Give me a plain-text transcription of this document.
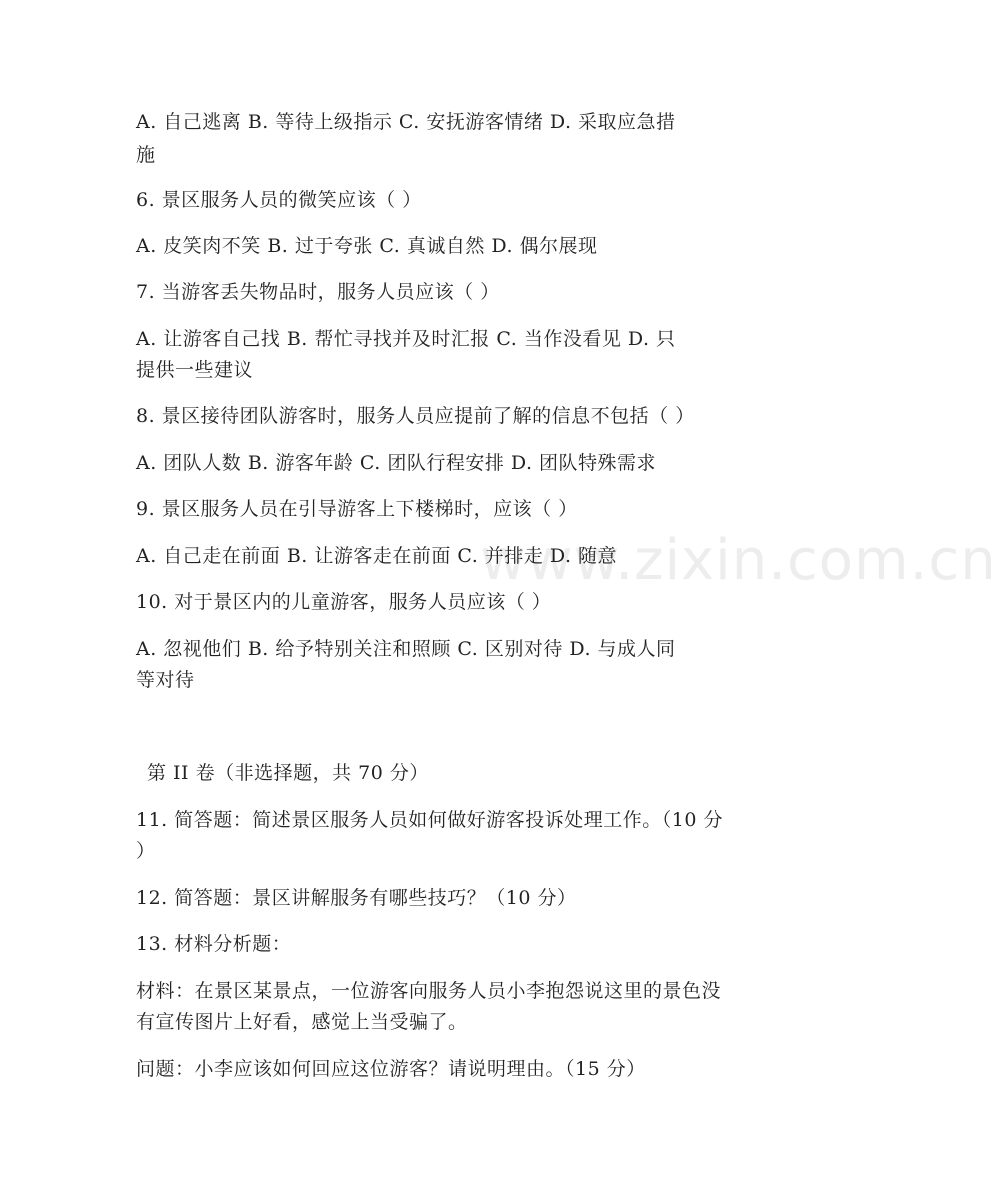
www.zixin.com.cn
A. 自己逃离 B. 等待上级指示 C. 安抚游客情绪 D. 采取应急措
施
6. 景区服务人员的微笑应该（ ）
A. 皮笑肉不笑 B. 过于夸张 C. 真诚自然 D. 偶尔展现
7. 当游客丢失物品时，服务人员应该（ ）
A. 让游客自己找 B. 帮忙寻找并及时汇报 C. 当作没看见 D. 只
提供一些建议
8. 景区接待团队游客时，服务人员应提前了解的信息不包括（ ）
A. 团队人数 B. 游客年龄 C. 团队行程安排 D. 团队特殊需求
9. 景区服务人员在引导游客上下楼梯时，应该（ ）
A. 自己走在前面 B. 让游客走在前面 C. 并排走 D. 随意
10. 对于景区内的儿童游客，服务人员应该（ ）
A. 忽视他们 B. 给予特别关注和照顾 C. 区别对待 D. 与成人同
等对待
第 II 卷（非选择题，共 70 分）
11. 简答题：简述景区服务人员如何做好游客投诉处理工作。（10 分
）
12. 简答题：景区讲解服务有哪些技巧？（10 分）
13. 材料分析题：
材料：在景区某景点，一位游客向服务人员小李抱怨说这里的景色没
有宣传图片上好看，感觉上当受骗了。
问题：小李应该如何回应这位游客？请说明理由。（15 分）
